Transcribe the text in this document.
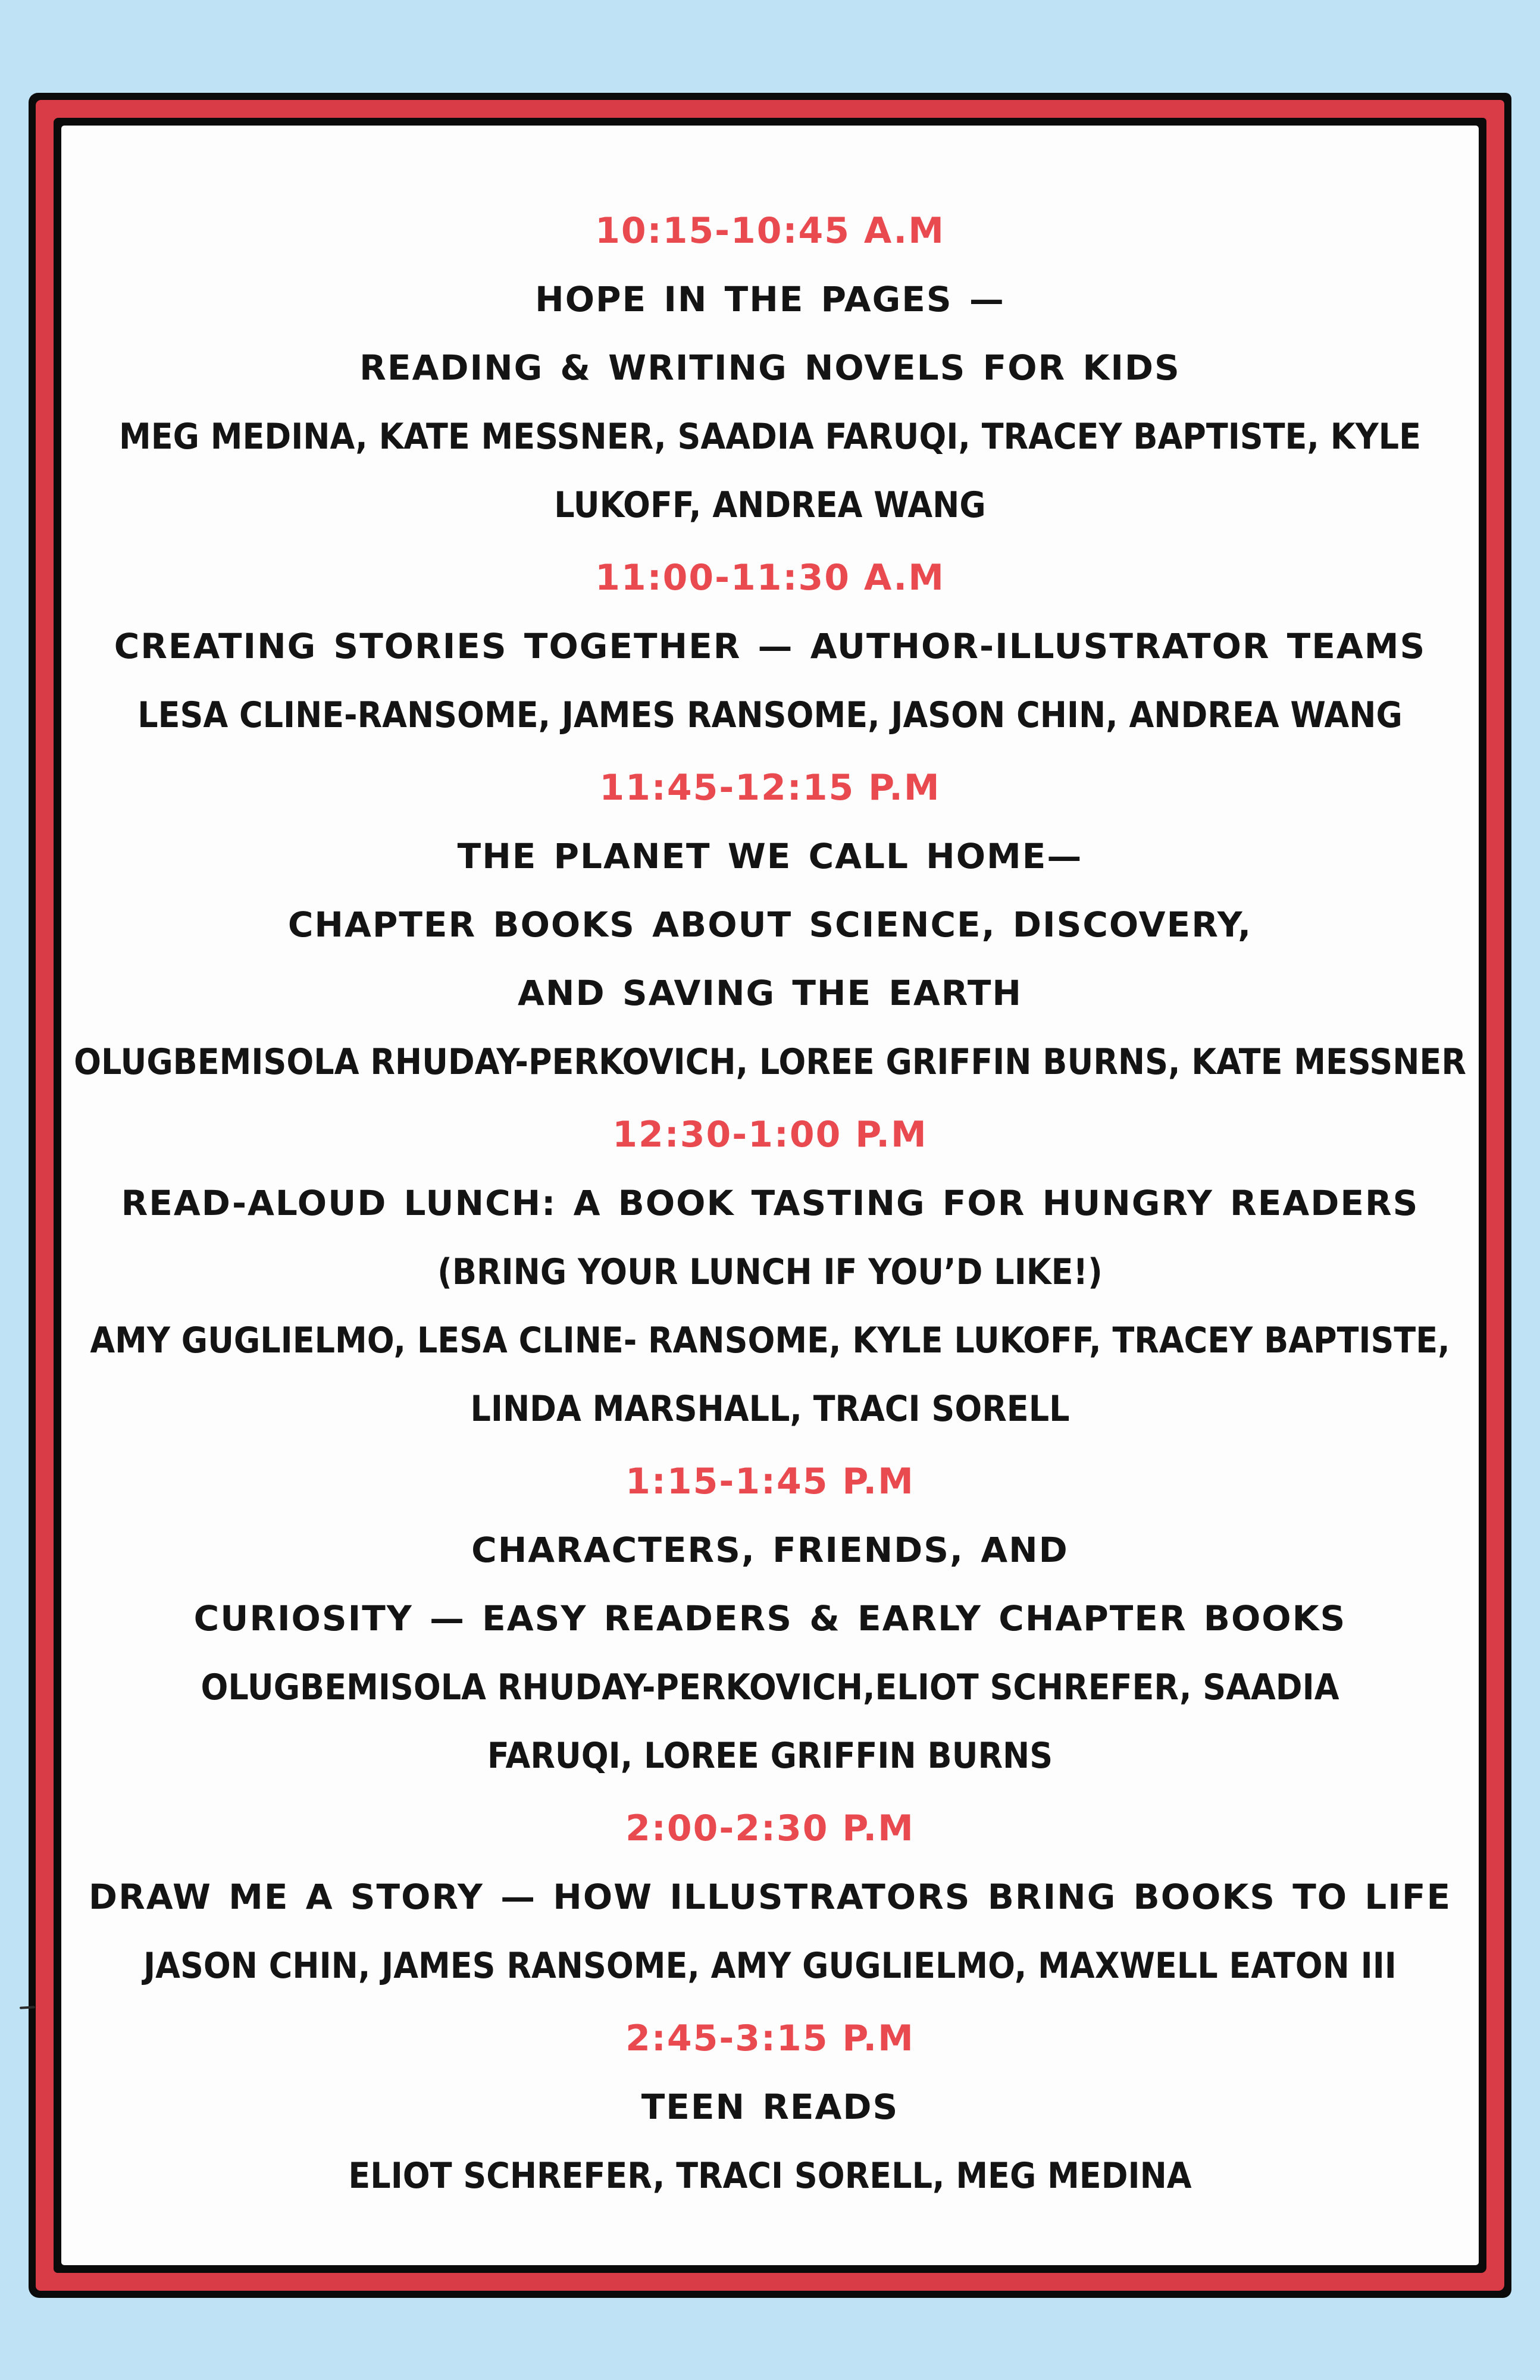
10:15-10:45 A.M
HOPE IN THE PAGES —
READING & WRITING NOVELS FOR KIDS
MEG MEDINA, KATE MESSNER, SAADIA FARUQI, TRACEY BAPTISTE, KYLE
LUKOFF, ANDREA WANG
11:00-11:30 A.M
CREATING STORIES TOGETHER — AUTHOR-ILLUSTRATOR TEAMS
LESA CLINE-RANSOME, JAMES RANSOME, JASON CHIN, ANDREA WANG
11:45-12:15 P.M
THE PLANET WE CALL HOME—
CHAPTER BOOKS ABOUT SCIENCE, DISCOVERY,
AND SAVING THE EARTH
OLUGBEMISOLA RHUDAY-PERKOVICH, LOREE GRIFFIN BURNS, KATE MESSNER
12:30-1:00 P.M
READ-ALOUD LUNCH: A BOOK TASTING FOR HUNGRY READERS
(BRING YOUR LUNCH IF YOU’D LIKE!)
AMY GUGLIELMO, LESA CLINE- RANSOME, KYLE LUKOFF, TRACEY BAPTISTE,
LINDA MARSHALL, TRACI SORELL
1:15-1:45 P.M
CHARACTERS, FRIENDS, AND
CURIOSITY — EASY READERS & EARLY CHAPTER BOOKS
OLUGBEMISOLA RHUDAY-PERKOVICH,ELIOT SCHREFER, SAADIA
FARUQI, LOREE GRIFFIN BURNS
2:00-2:30 P.M
DRAW ME A STORY — HOW ILLUSTRATORS BRING BOOKS TO LIFE
JASON CHIN, JAMES RANSOME, AMY GUGLIELMO, MAXWELL EATON III
2:45-3:15 P.M
TEEN READS
ELIOT SCHREFER, TRACI SORELL, MEG MEDINA
